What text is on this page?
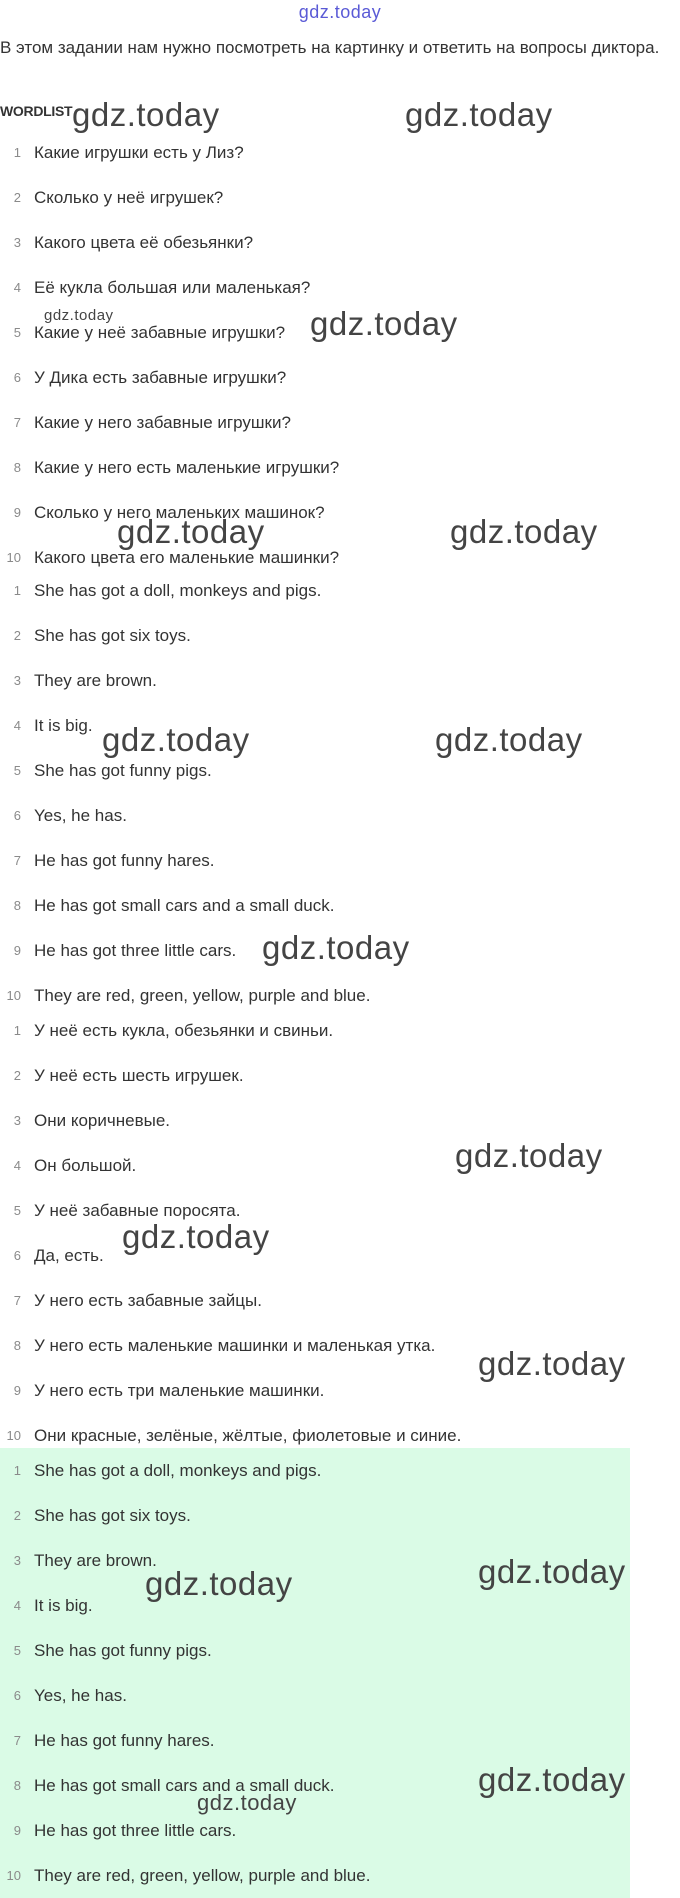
gdz.today
В этом задании нам нужно посмотреть на картинку и ответить на вопросы диктора.
WORDLIST
1 Какие игрушки есть у Лиз?
2 Сколько у неё игрушек?
3 Какого цвета её обезьянки?
4 Её кукла большая или маленькая?
5 Какие у неё забавные игрушки?
6 У Дика есть забавные игрушки?
7 Какие у него забавные игрушки?
8 Какие у него есть маленькие игрушки?
9 Сколько у него маленьких машинок?
10 Какого цвета его маленькие машинки?
1 She has got a doll, monkeys and pigs.
2 She has got six toys.
3 They are brown.
4 It is big.
5 She has got funny pigs.
6 Yes, he has.
7 He has got funny hares.
8 He has got small cars and a small duck.
9 He has got three little cars.
10 They are red, green, yellow, purple and blue.
1 У неё есть кукла, обезьянки и свиньи.
2 У неё есть шесть игрушек.
3 Они коричневые.
4 Он большой.
5 У неё забавные поросята.
6 Да, есть.
7 У него есть забавные зайцы.
8 У него есть маленькие машинки и маленькая утка.
9 У него есть три маленькие машинки.
10 Они красные, зелёные, жёлтые, фиолетовые и синие.
1 She has got a doll, monkeys and pigs.
2 She has got six toys.
3 They are brown.
4 It is big.
5 She has got funny pigs.
6 Yes, he has.
7 He has got funny hares.
8 He has got small cars and a small duck.
9 He has got three little cars.
10 They are red, green, yellow, purple and blue.
gdz.today	gdz.today
gdz.today	gdz.today
gdz.today	gdz.today
gdz.today	gdz.today
gdz.today
gdz.today
gdz.today
gdz.today
gdz.today	gdz.today
gdz.today
gdz.today
